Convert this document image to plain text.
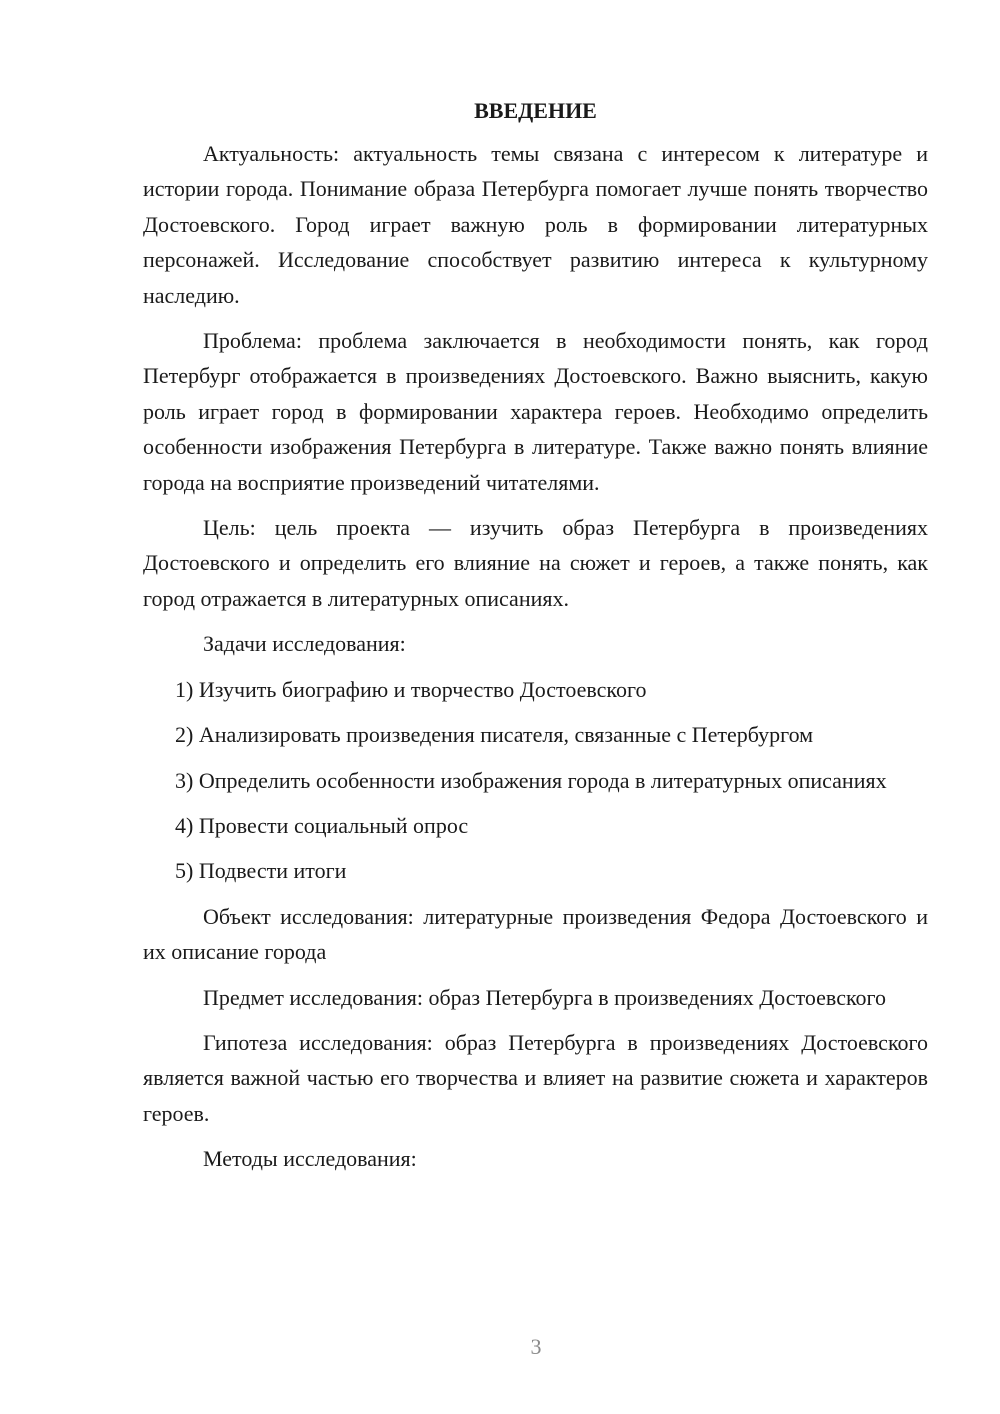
ВВЕДЕНИЕ

Актуальность: актуальность темы связана с интересом к литературе и истории города. Понимание образа Петербурга помогает лучше понять творчество Достоевского. Город играет важную роль в формировании литературных персонажей. Исследование способствует развитию интереса к культурному наследию.

Проблема: проблема заключается в необходимости понять, как город Петербург отображается в произведениях Достоевского. Важно выяснить, какую роль играет город в формировании характера героев. Необходимо определить особенности изображения Петербурга в литературе. Также важно понять влияние города на восприятие произведений читателями.

Цель: цель проекта — изучить образ Петербурга в произведениях Достоевского и определить его влияние на сюжет и героев, а также понять, как город отражается в литературных описаниях.

Задачи исследования:

1) Изучить биографию и творчество Достоевского

2) Анализировать произведения писателя, связанные с Петербургом

3) Определить особенности изображения города в литературных описаниях

4) Провести социальный опрос

5) Подвести итоги

Объект исследования: литературные произведения Федора Достоевского и их описание города

Предмет исследования: образ Петербурга в произведениях Достоевского

Гипотеза исследования: образ Петербурга в произведениях Достоевского является важной частью его творчества и влияет на развитие сюжета и характеров героев.

Методы исследования:

3
